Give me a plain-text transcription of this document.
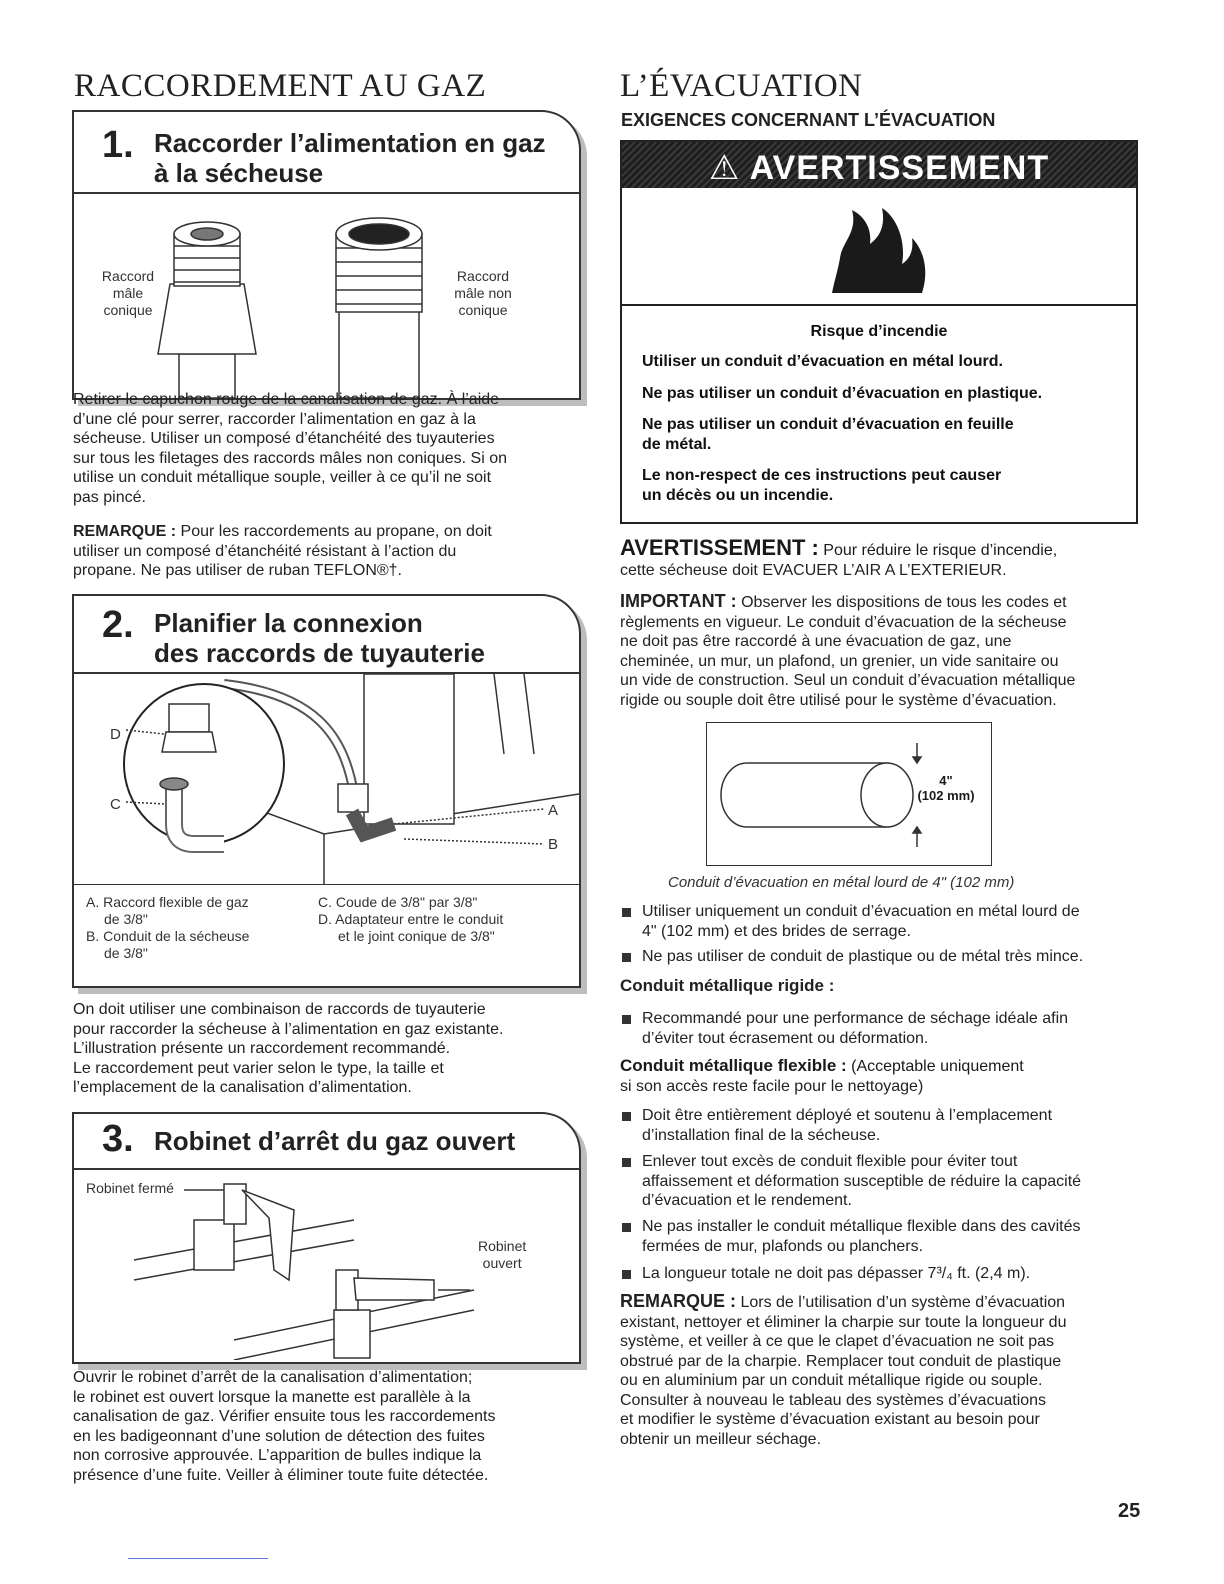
RACCORDEMENT AU GAZ
1. Raccorder l’alimentation en gaz
à la sécheuse
Raccord
mâle
conique
Raccord
mâle non
conique
Retirer le capuchon rouge de la canalisation de gaz. À l’aide
d’une clé pour serrer, raccorder l’alimentation en gaz à la
sécheuse. Utiliser un composé d’étanchéité des tuyauteries
sur tous les filetages des raccords mâles non coniques. Si on
utilise un conduit métallique souple, veiller à ce qu’il ne soit
pas pincé.
REMARQUE : Pour les raccordements au propane, on doit
utiliser un composé d’étanchéité résistant à l’action du
propane. Ne pas utiliser de ruban TEFLON®†.
2. Planifier la connexion
des raccords de tuyauterie
D
C	A
B
A. Raccord flexible de gaz
de 3/8"
B. Conduit de la sécheuse
de 3/8"
C. Coude de 3/8" par 3/8"
D. Adaptateur entre le conduit
et le joint conique de 3/8"
On doit utiliser une combinaison de raccords de tuyauterie
pour raccorder la sécheuse à l’alimentation en gaz existante.
L’illustration présente un raccordement recommandé.
Le raccordement peut varier selon le type, la taille et
l’emplacement de la canalisation d’alimentation.
3. Robinet d’arrêt du gaz ouvert
Robinet fermé
Robinet
ouvert
Ouvrir le robinet d’arrêt de la canalisation d’alimentation;
le robinet est ouvert lorsque la manette est parallèle à la
canalisation de gaz. Vérifier ensuite tous les raccordements
en les badigeonnant d’une solution de détection des fuites
non corrosive approuvée. L’apparition de bulles indique la
présence d’une fuite. Veiller à éliminer toute fuite détectée.
L’ÉVACUATION
EXIGENCES CONCERNANT L’ÉVACUATION
⚠ AVERTISSEMENT
Risque d’incendie
Utiliser un conduit d’évacuation en métal lourd.
Ne pas utiliser un conduit d’évacuation en plastique.
Ne pas utiliser un conduit d’évacuation en feuille
de métal.
Le non-respect de ces instructions peut causer
un décès ou un incendie.
AVERTISSEMENT : Pour réduire le risque d’incendie,
cette sécheuse doit EVACUER L’AIR A L’EXTERIEUR.
IMPORTANT : Observer les dispositions de tous les codes et
règlements en vigueur. Le conduit d’évacuation de la sécheuse
ne doit pas être raccordé à une évacuation de gaz, une
cheminée, un mur, un plafond, un grenier, un vide sanitaire ou
un vide de construction. Seul un conduit d’évacuation métallique
rigide ou souple doit être utilisé pour le système d’évacuation.
4"
(102 mm)
Conduit d’évacuation en métal lourd de 4" (102 mm)
Utiliser uniquement un conduit d’évacuation en métal lourd de
4" (102 mm) et des brides de serrage.
Ne pas utiliser de conduit de plastique ou de métal très mince.
Conduit métallique rigide :
Recommandé pour une performance de séchage idéale afin
d’éviter tout écrasement ou déformation.
Conduit métallique flexible : (Acceptable uniquement
si son accès reste facile pour le nettoyage)
Doit être entièrement déployé et soutenu à l’emplacement
d’installation final de la sécheuse.
Enlever tout excès de conduit flexible pour éviter tout
affaissement et déformation susceptible de réduire la capacité
d’évacuation et le rendement.
Ne pas installer le conduit métallique flexible dans des cavités
fermées de mur, plafonds ou planchers.
La longueur totale ne doit pas dépasser 7³/₄ ft. (2,4 m).
REMARQUE : Lors de l’utilisation d’un système d’évacuation
existant, nettoyer et éliminer la charpie sur toute la longueur du
système, et veiller à ce que le clapet d’évacuation ne soit pas
obstrué par de la charpie. Remplacer tout conduit de plastique
ou en aluminium par un conduit métallique rigide ou souple.
Consulter à nouveau le tableau des systèmes d’évacuations
et modifier le système d’évacuation existant au besoin pour
obtenir un meilleur séchage.
25
